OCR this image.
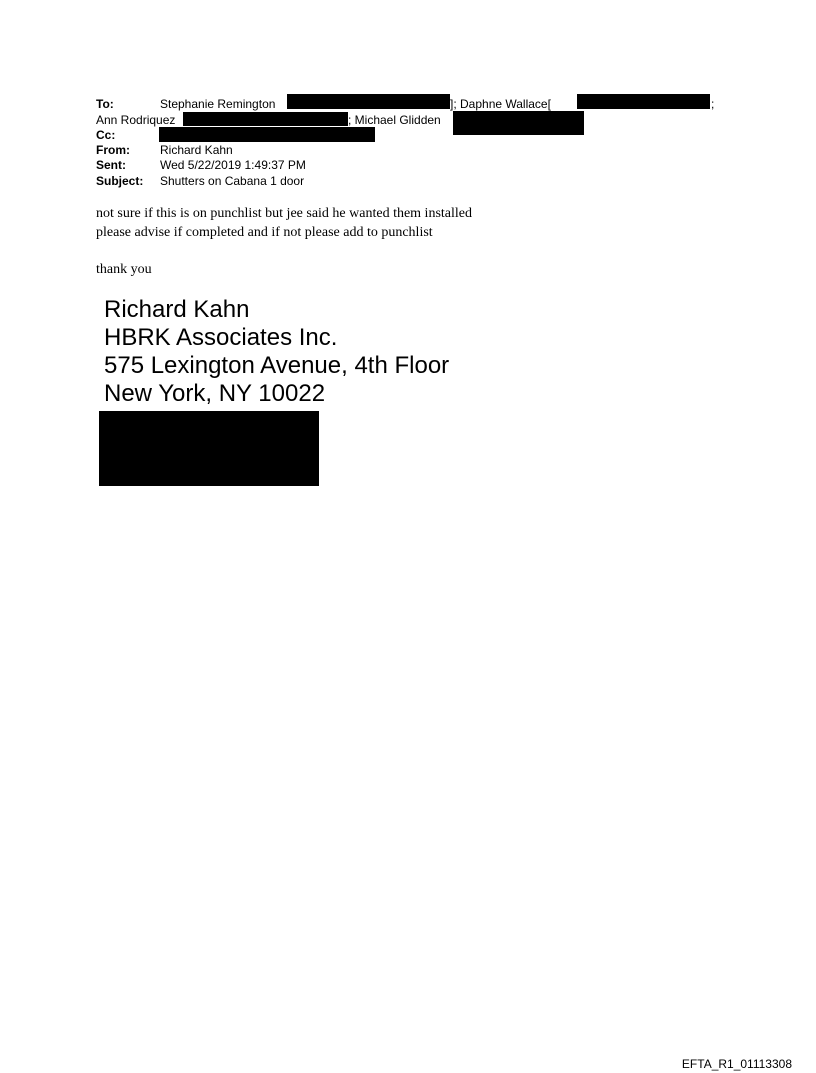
To:	Stephanie Remington	]; Daphne Wallace[	;
Ann Rodriquez	; Michael Glidden
Cc:
From:	Richard Kahn
Sent:	Wed 5/22/2019 1:49:37 PM
Subject: Shutters on Cabana 1 door
not sure if this is on punchlist but jee said he wanted them installed
please advise if completed and if not please add to punchlist
thank you
Richard Kahn
HBRK Associates Inc.
575 Lexington Avenue, 4th Floor
New York, NY 10022
EFTA_R1_01113308
